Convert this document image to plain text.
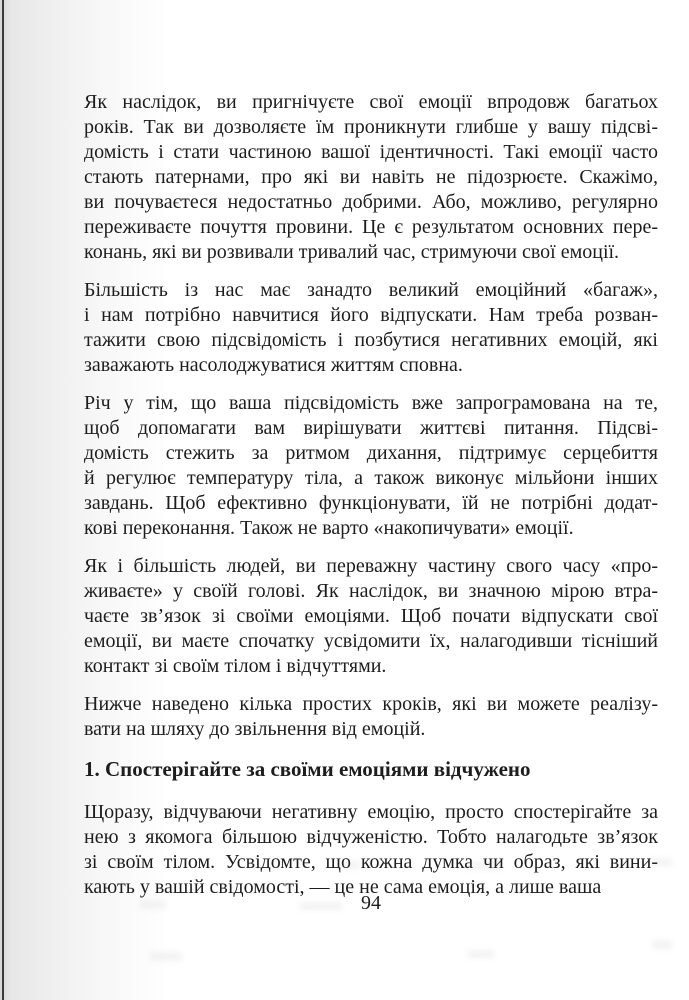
Як наслідок, ви пригнічуєте свої емоції впродовж багатьох
років. Так ви дозволяєте їм проникнути глибше у вашу підсві-
домість і стати частиною вашої ідентичності. Такі емоції часто
стають патернами, про які ви навіть не підозрюєте. Скажімо,
ви почуваєтеся недостатньо добрими. Або, можливо, регулярно
переживаєте почуття провини. Це є результатом основних пере-
конань, які ви розвивали тривалий час, стримуючи свої емоції.
Більшість із нас має занадто великий емоційний «багаж»,
і нам потрібно навчитися його відпускати. Нам треба розван-
тажити свою підсвідомість і позбутися негативних емоцій, які
заважають насолоджуватися життям сповна.
Річ у тім, що ваша підсвідомість вже запрограмована на те,
щоб допомагати вам вирішувати життєві питання. Підсві-
домість стежить за ритмом дихання, підтримує серцебиття
й регулює температуру тіла, а також виконує мільйони інших
завдань. Щоб ефективно функціонувати, їй не потрібні додат-
кові переконання. Також не варто «накопичувати» емоції.
Як і більшість людей, ви переважну частину свого часу «про-
живаєте» у своїй голові. Як наслідок, ви значною мірою втра-
чаєте зв’язок зі своїми емоціями. Щоб почати відпускати свої
емоції, ви маєте спочатку усвідомити їх, налагодивши тісніший
контакт зі своїм тілом і відчуттями.
Нижче наведено кілька простих кроків, які ви можете реалізу-
вати на шляху до звільнення від емоцій.
1. Спостерігайте за своїми емоціями відчужено
Щоразу, відчуваючи негативну емоцію, просто спостерігайте за
нею з якомога більшою відчуженістю. Тобто налагодьте зв’язок
зі своїм тілом. Усвідомте, що кожна думка чи образ, які вини-
кають у вашій свідомості, — це не сама емоція, а лише ваша
94
